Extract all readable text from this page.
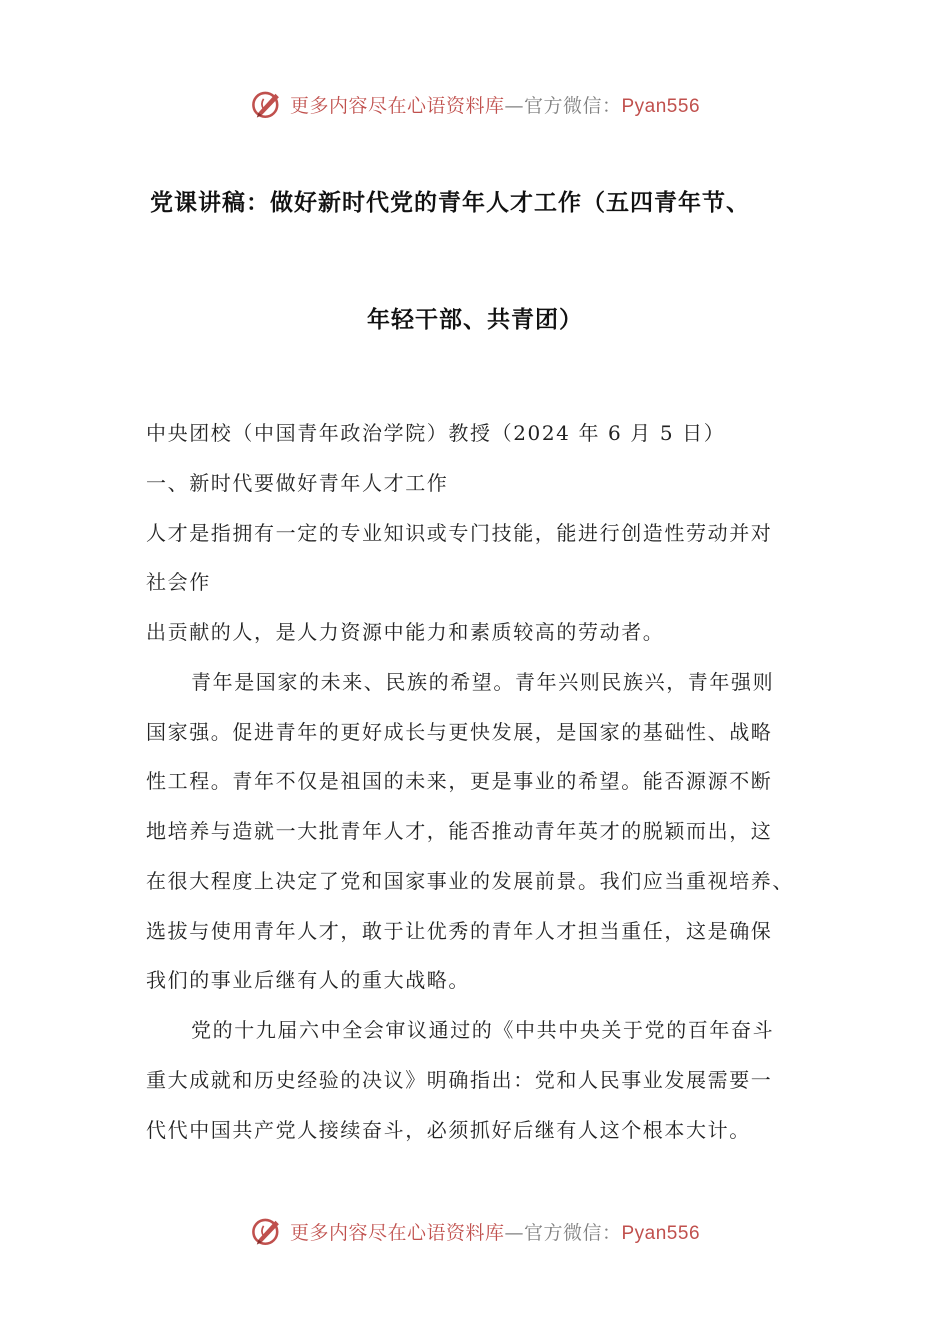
更多内容尽在心语资料库—官方微信：Pyan556
党课讲稿：做好新时代党的青年人才工作（五四青年节、
年轻干部、共青团）
中央团校（中国青年政治学院）教授（2024 年 6 月 5 日）
一、新时代要做好青年人才工作
人才是指拥有一定的专业知识或专门技能，能进行创造性劳动并对
社会作
出贡献的人，是人力资源中能力和素质较高的劳动者。
青年是国家的未来、民族的希望。青年兴则民族兴，青年强则
国家强。促进青年的更好成长与更快发展，是国家的基础性、战略
性工程。青年不仅是祖国的未来，更是事业的希望。能否源源不断
地培养与造就一大批青年人才，能否推动青年英才的脱颖而出，这
在很大程度上决定了党和国家事业的发展前景。我们应当重视培养、
选拔与使用青年人才，敢于让优秀的青年人才担当重任，这是确保
我们的事业后继有人的重大战略。
党的十九届六中全会审议通过的《中共中央关于党的百年奋斗
重大成就和历史经验的决议》明确指出：党和人民事业发展需要一
代代中国共产党人接续奋斗，必须抓好后继有人这个根本大计。
更多内容尽在心语资料库—官方微信：Pyan556
